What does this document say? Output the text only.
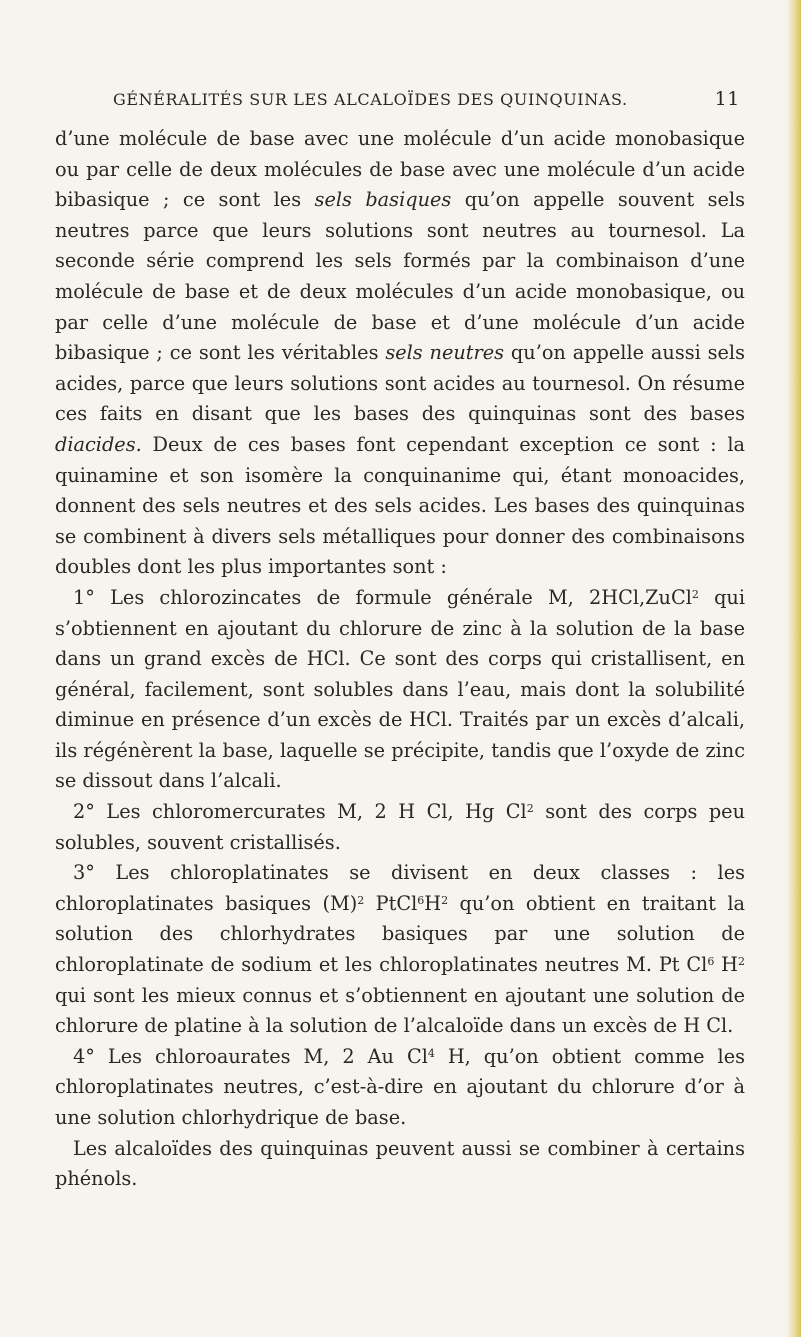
GÉNÉRALITÉS SUR LES ALCALOÏDES DES QUINQUINAS.	11

d’une molécule de base avec une molécule d’un acide monobasique ou par celle de deux molécules de base avec une molécule d’un acide bibasique ; ce sont les sels basiques qu’on appelle souvent sels neutres parce que leurs solutions sont neutres au tournesol. La seconde série comprend les sels formés par la combinaison d’une molécule de base et de deux molécules d’un acide monobasique, ou par celle d’une molécule de base et d’une molécule d’un acide bibasique ; ce sont les véritables sels neutres qu’on appelle aussi sels acides, parce que leurs solutions sont acides au tournesol. On résume ces faits en disant que les bases des quinquinas sont des bases diacides. Deux de ces bases font cependant exception ce sont : la quinamine et son isomère la conquinanime qui, étant monoacides, donnent des sels neutres et des sels acides. Les bases des quinquinas se combinent à divers sels métalliques pour donner des combinaisons doubles dont les plus importantes sont :

1° Les chlorozincates de formule générale M, 2HCl,ZuCl$^2$ qui s’obtiennent en ajoutant du chlorure de zinc à la solution de la base dans un grand excès de HCl. Ce sont des corps qui cristallisent, en général, facilement, sont solubles dans l’eau, mais dont la solubilité diminue en présence d’un excès de HCl. Traités par un excès d’alcali, ils régénèrent la base, laquelle se précipite, tandis que l’oxyde de zinc se dissout dans l’alcali.

2° Les chloromercurates M, 2 H Cl, Hg Cl$^2$ sont des corps peu solubles, souvent cristallisés.

3° Les chloroplatinates se divisent en deux classes : les chloroplatinates basiques $(M)^2$ $PtCl^6H^2$ qu’on obtient en traitant la solution des chlorhydrates basiques par une solution de chloroplatinate de sodium et les chloroplatinates neutres M. Pt Cl$^6$ $H^2$ qui sont les mieux connus et s’obtiennent en ajoutant une solution de chlorure de platine à la solution de l’alcaloïde dans un excès de H Cl.

4° Les chloroaurates M, 2 Au Cl$^4$ H, qu’on obtient comme les chloroplatinates neutres, c’est-à-dire en ajoutant du chlorure d’or à une solution chlorhydrique de base.

Les alcaloïdes des quinquinas peuvent aussi se combiner à certains phénols.
